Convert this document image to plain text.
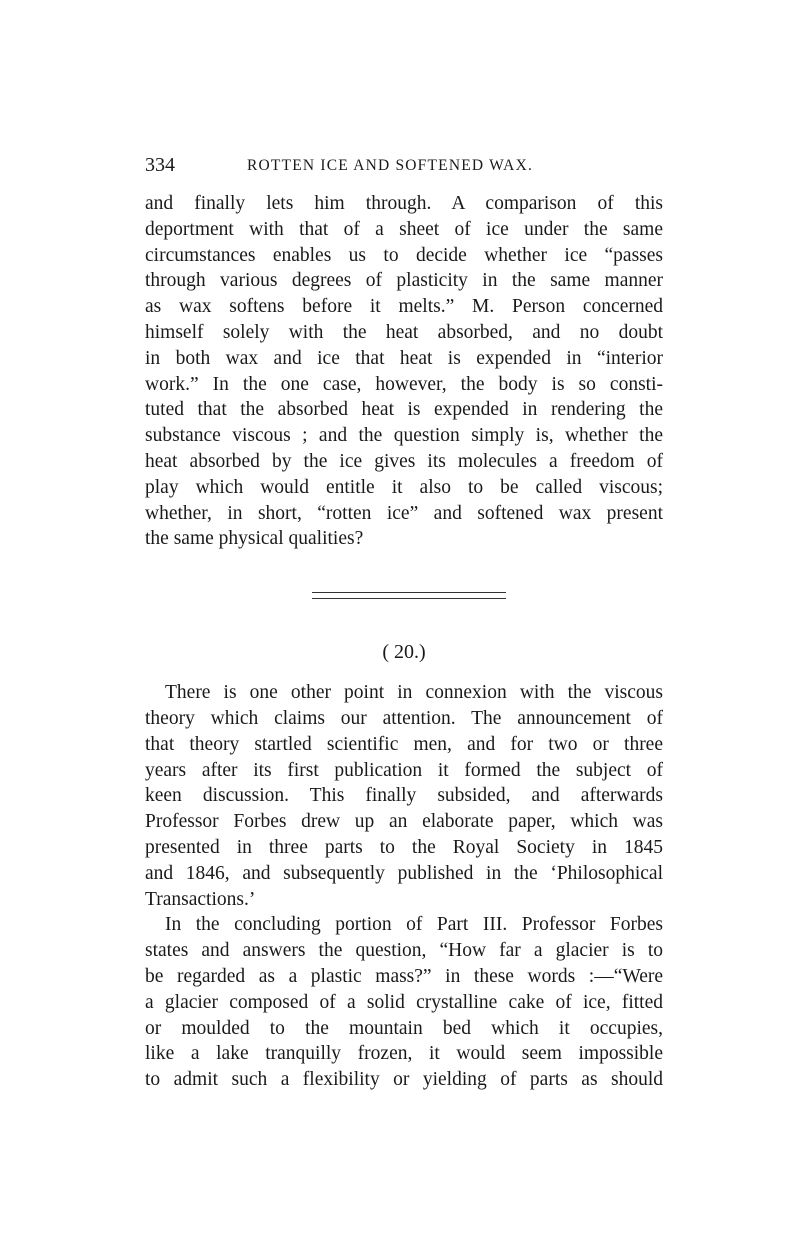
334	ROTTEN ICE AND SOFTENED WAX.
and finally lets him through. A comparison of this
deportment with that of a sheet of ice under the same
circumstances enables us to decide whether ice “passes
through various degrees of plasticity in the same manner
as wax softens before it melts.” M. Person concerned
himself solely with the heat absorbed, and no doubt
in both wax and ice that heat is expended in “interior
work.” In the one case, however, the body is so consti-
tuted that the absorbed heat is expended in rendering the
substance viscous ; and the question simply is, whether the
heat absorbed by the ice gives its molecules a freedom of
play which would entitle it also to be called viscous;
whether, in short, “rotten ice” and softened wax present
the same physical qualities?
( 20.)
There is one other point in connexion with the viscous
theory which claims our attention. The announcement of
that theory startled scientific men, and for two or three
years after its first publication it formed the subject of
keen discussion. This finally subsided, and afterwards
Professor Forbes drew up an elaborate paper, which was
presented in three parts to the Royal Society in 1845
and 1846, and subsequently published in the ‘Philosophical
Transactions.’
In the concluding portion of Part III. Professor Forbes
states and answers the question, “How far a glacier is to
be regarded as a plastic mass?” in these words :—“Were
a glacier composed of a solid crystalline cake of ice, fitted
or moulded to the mountain bed which it occupies,
like a lake tranquilly frozen, it would seem impossible
to admit such a flexibility or yielding of parts as should
